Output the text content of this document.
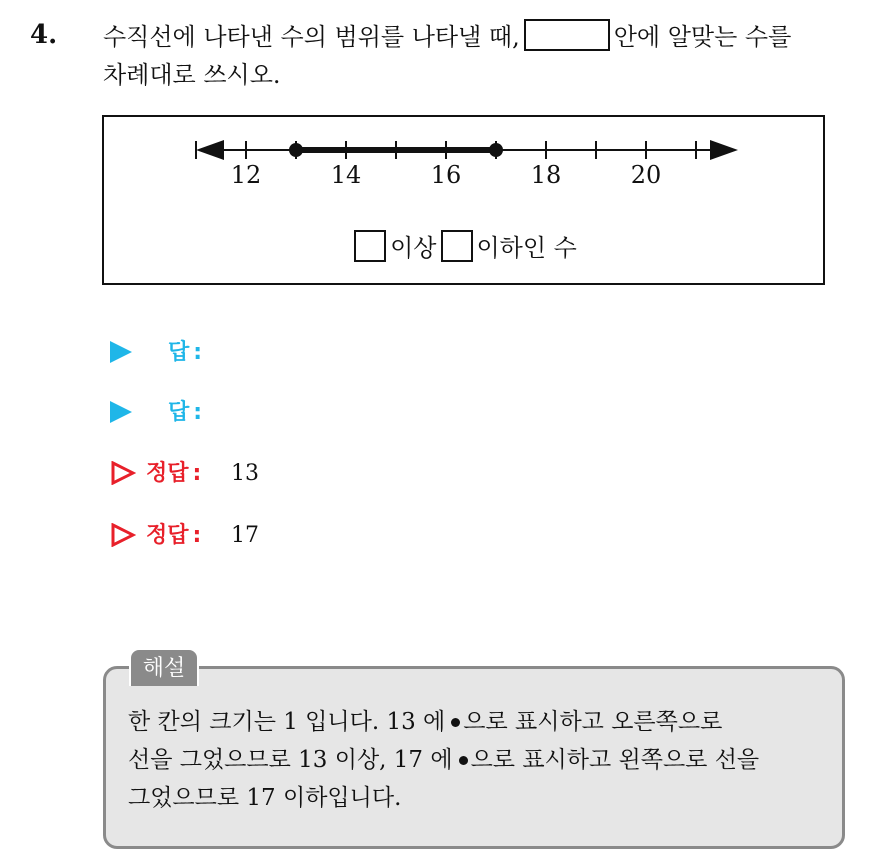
4. 수직선에 나타낸 수의 범위를 나타낼 때,	안에 알맞는 수를
차례대로 쓰시오.
12	14	16	18	20
이상 이하인 수
답 :
답 :
정답 : 13
정답 : 17
해설
한 칸의 크기는 1 입니다. 13 에 으로 표시하고 오른쪽으로
선을 그었으므로 13 이상, 17 에 으로 표시하고 왼쪽으로 선을
그었으므로 17 이하입니다.
